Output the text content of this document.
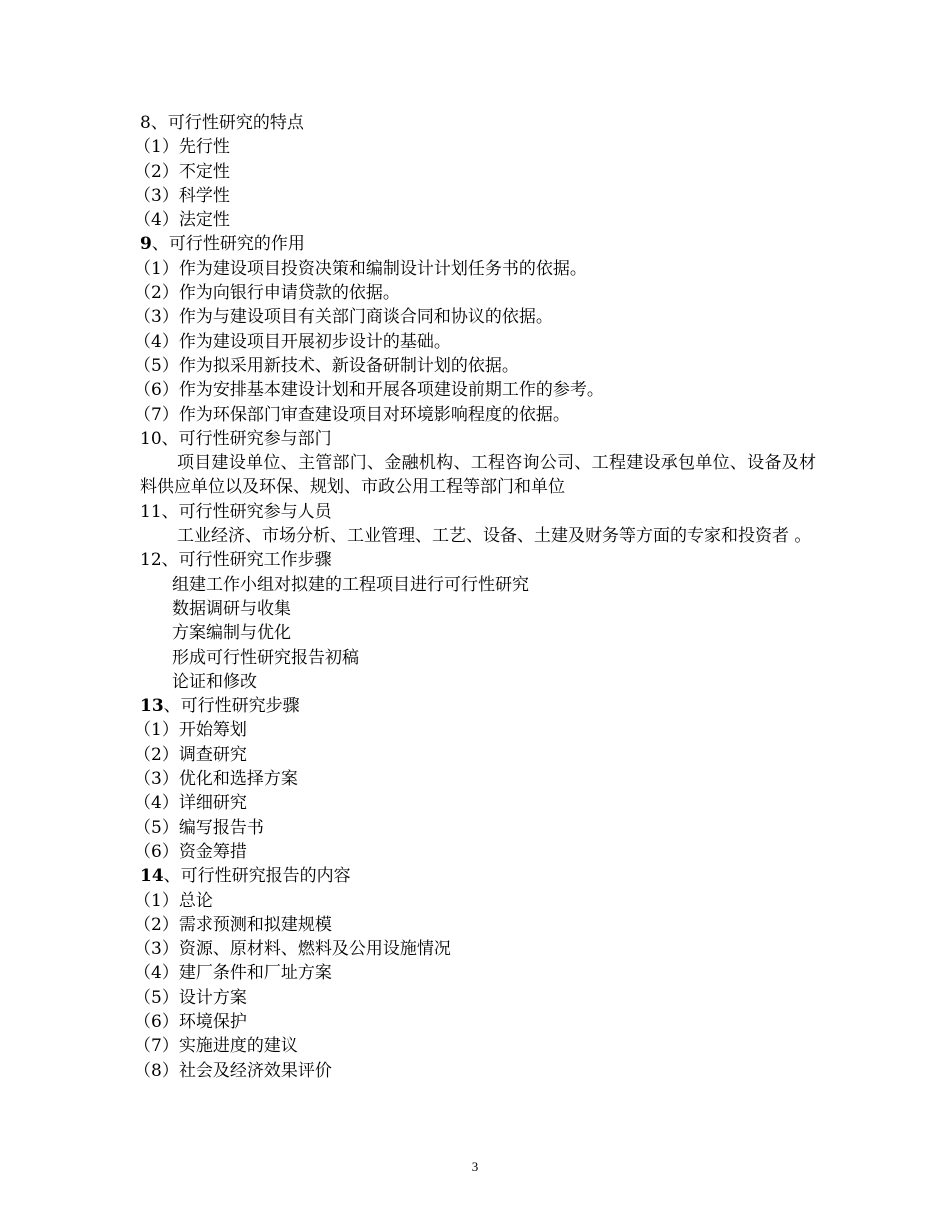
8、可行性研究的特点
（1）先行性
（2）不定性
（3）科学性
（4）法定性
9、可行性研究的作用
（1）作为建设项目投资决策和编制设计计划任务书的依据。
（2）作为向银行申请贷款的依据。
（3）作为与建设项目有关部门商谈合同和协议的依据。
（4）作为建设项目开展初步设计的基础。
（5）作为拟采用新技术、新设备研制计划的依据。
（6）作为安排基本建设计划和开展各项建设前期工作的参考。
（7）作为环保部门审查建设项目对环境影响程度的依据。
10、可行性研究参与部门
项目建设单位、主管部门、金融机构、工程咨询公司、工程建设承包单位、设备及材料供应单位以及环保、规划、市政公用工程等部门和单位
11、可行性研究参与人员
工业经济、市场分析、工业管理、工艺、设备、土建及财务等方面的专家和投资者 。
12、可行性研究工作步骤
组建工作小组对拟建的工程项目进行可行性研究
数据调研与收集
方案编制与优化
形成可行性研究报告初稿
论证和修改
13、可行性研究步骤
（1）开始筹划
（2）调查研究
（3）优化和选择方案
（4）详细研究
（5）编写报告书
（6）资金筹措
14、可行性研究报告的内容
（1）总论
（2）需求预测和拟建规模
（3）资源、原材料、燃料及公用设施情况
（4）建厂条件和厂址方案
（5）设计方案
（6）环境保护
（7）实施进度的建议
（8）社会及经济效果评价
3
